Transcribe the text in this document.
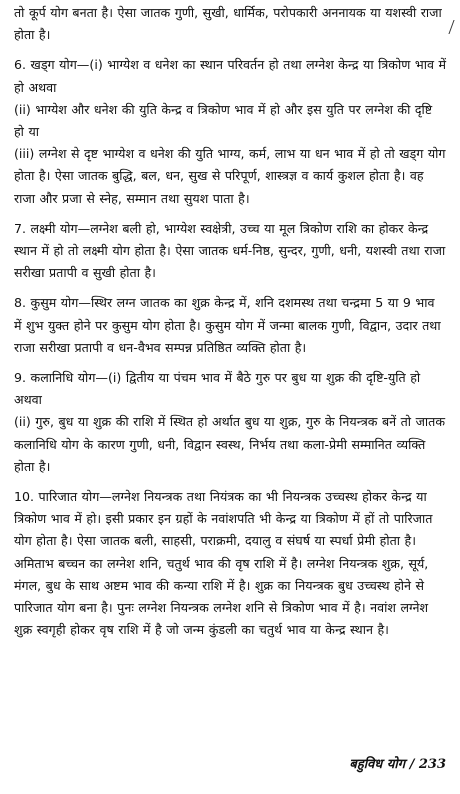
तो कूर्प योग बनता है। ऐसा जातक गुणी, सुखी, धार्मिक, परोपकारी अननायक या यशस्वी राजा होता है।

6. खड्ग योग—(i) भाग्येश व धनेश का स्थान परिवर्तन हो तथा लग्नेश केन्द्र या त्रिकोण भाव में हो अथवा

(ii) भाग्येश और धनेश की युति केन्द्र व त्रिकोण भाव में हो और इस युति पर लग्नेश की दृष्टि हो या

(iii) लग्नेश से दृष्ट भाग्येश व धनेश की युति भाग्य, कर्म, लाभ या धन भाव में हो तो खड्ग योग होता है। ऐसा जातक बुद्धि, बल, धन, सुख से परिपूर्ण, शास्त्रज्ञ व कार्य कुशल होता है। वह राजा और प्रजा से स्नेह, सम्मान तथा सुयश पाता है।

7. लक्ष्मी योग—लग्नेश बली हो, भाग्येश स्वक्षेत्री, उच्च या मूल त्रिकोण राशि का होकर केन्द्र स्थान में हो तो लक्ष्मी योग होता है। ऐसा जातक धर्म-निष्ठ, सुन्दर, गुणी, धनी, यशस्वी तथा राजा सरीखा प्रतापी व सुखी होता है।

8. कुसुम योग—स्थिर लग्न जातक का शुक्र केन्द्र में, शनि दशमस्थ तथा चन्द्रमा 5 या 9 भाव में शुभ युक्त होने पर कुसुम योग होता है। कुसुम योग में जन्मा बालक गुणी, विद्वान, उदार तथा राजा सरीखा प्रतापी व धन-वैभव सम्पन्न प्रतिष्ठित व्यक्ति होता है।

9. कलानिधि योग—(i) द्वितीय या पंचम भाव में बैठे गुरु पर बुध या शुक्र की दृष्टि-युति हो अथवा

(ii) गुरु, बुध या शुक्र की राशि में स्थित हो अर्थात बुध या शुक्र, गुरु के नियन्त्रक बनें तो जातक कलानिधि योग के कारण गुणी, धनी, विद्वान स्वस्थ, निर्भय तथा कला-प्रेमी सम्मानित व्यक्ति होता है।

10. पारिजात योग—लग्नेश नियन्त्रक तथा नियंत्रक का भी नियन्त्रक उच्चस्थ होकर केन्द्र या त्रिकोण भाव में हो। इसी प्रकार इन ग्रहों के नवांशपति भी केन्द्र या त्रिकोण में हों तो पारिजात योग होता है। ऐसा जातक बली, साहसी, पराक्रमी, दयालु व संघर्ष या स्पर्धा प्रेमी होता है। अमिताभ बच्चन का लग्नेश शनि, चतुर्थ भाव की वृष राशि में है। लग्नेश नियन्त्रक शुक्र, सूर्य, मंगल, बुध के साथ अष्टम भाव की कन्या राशि में है। शुक्र का नियन्त्रक बुध उच्चस्थ होने से पारिजात योग बना है। पुनः लग्नेश नियन्त्रक लग्नेश शनि से त्रिकोण भाव में है। नवांश लग्नेश शुक्र स्वगृही होकर वृष राशि में है जो जन्म कुंडली का चतुर्थ भाव या केन्द्र स्थान है।

बहुविध योग / 233
